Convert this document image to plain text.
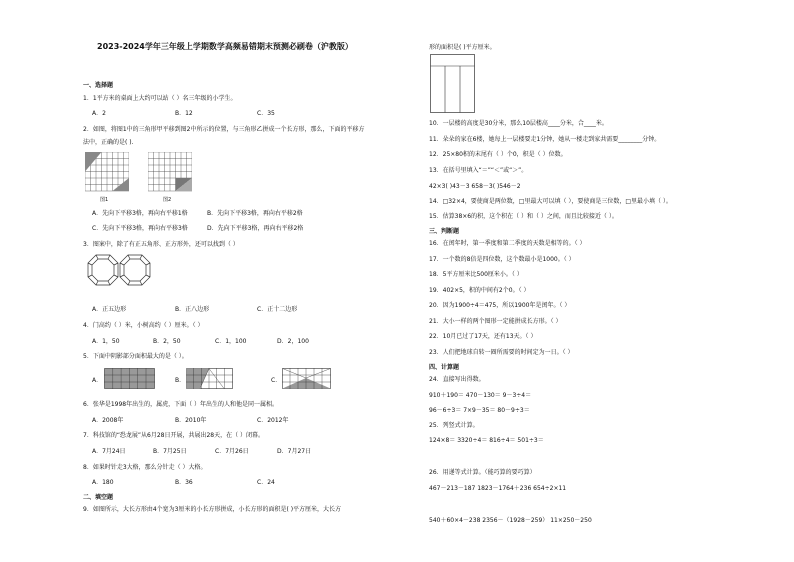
2023-2024学年三年级上学期数学高频易错期末预测必刷卷（沪教版）
一、选择题
1．1平方米的桌面上大约可以站（ ）名三年级的小学生。
A．2	B．12	C．35
2．如图，将图1中的三角形甲平移到图2中所示的位置，与三角形乙拼成一个长方形，那么，下面的平移方
法中，正确的是( ).
图1	图2
A．先向下平移3格，再向右平移1格	B．先向下平移3格，再向右平移2格
C．先向下平移3格，再向右平移3格	D．先向下平移3格，再向右平移2格
3．图案中，除了有正五角形、正方形外，还可以找到（ ）
A．正五边形	B．正八边形	C．正十二边形
4．门高约（ ）米，小树高约（ ）厘米。（ ）
A．1，50	B．2，50	C．1，100	D．2，100
5．下面中阴影部分面积最大的是（ ）。
A．	B．	C．
6．张华是1998年出生的，属虎，下面（ ）年出生的人和他是同一属相。
A．2008年	B．2010年	C．2012年
7．科技馆的“恐龙展”从6月28日开展，共展出28天，在（ ）闭幕。
A．7月24日	B．7月25日	C．7月26日	D．7月27日
8．如果时针走3大格，那么分针走（ ）大格。
A．180	B．36	C．24
二、填空题
9．如图所示，大长方形由4个宽为3厘米的小长方形拼成，小长方形的面积是( )平方厘米，大长方
形的面积是( )平方厘米。
10．一层楼的高度是30分米，那么10层楼高____分米，合____米。
11．朵朵的家在6楼，她每上一层楼要走1分钟，她从一楼走到家共需要________分钟。
12．25×80积的末尾有（ ）个0，积是（ ）位数。
13．在括号里填入“＝”“＜”或“＞”。
42×3( )43－3 658－3( )546－2
14．□32×4，要使商是两位数，□里最大可以填（ ），要使商是三位数，□里最小填（ ）。
15．估算38×6的积，这个积在（ ）和（ ）之间，而且比较接近（ ）。
三、判断题
16．在闰年时，第一季度和第二季度的天数是相等的。（ ）
17．一个数的8倍是四位数，这个数最小是1000。（ ）
18．5平方厘米比500厘米小。（ ）
19．402×5，积的中间有2个0。（ ）
20．因为1900÷4＝475，所以1900年是闰年。（ ）
21．大小一样的两个图形一定能拼成长方形。（ ）
22．10月已过了17天，还有13天。（ ）
23．人们把地球自转一圈所需要的时间定为一日。（ ）
四、计算题
24．直接写出得数。
910＋190＝ 470－130＝ 9－3÷4＝
96－6÷3＝ 7×9－35＝ 80－9÷3＝
25．列竖式计算。
124×8＝ 3320÷4＝ 816÷4＝ 501÷3＝
26．用递等式计算。（能巧算的要巧算）
467－213－187 1823－1764＋236 654÷2×11
540＋60×4－238 2356－（1928－259） 11×250－250
